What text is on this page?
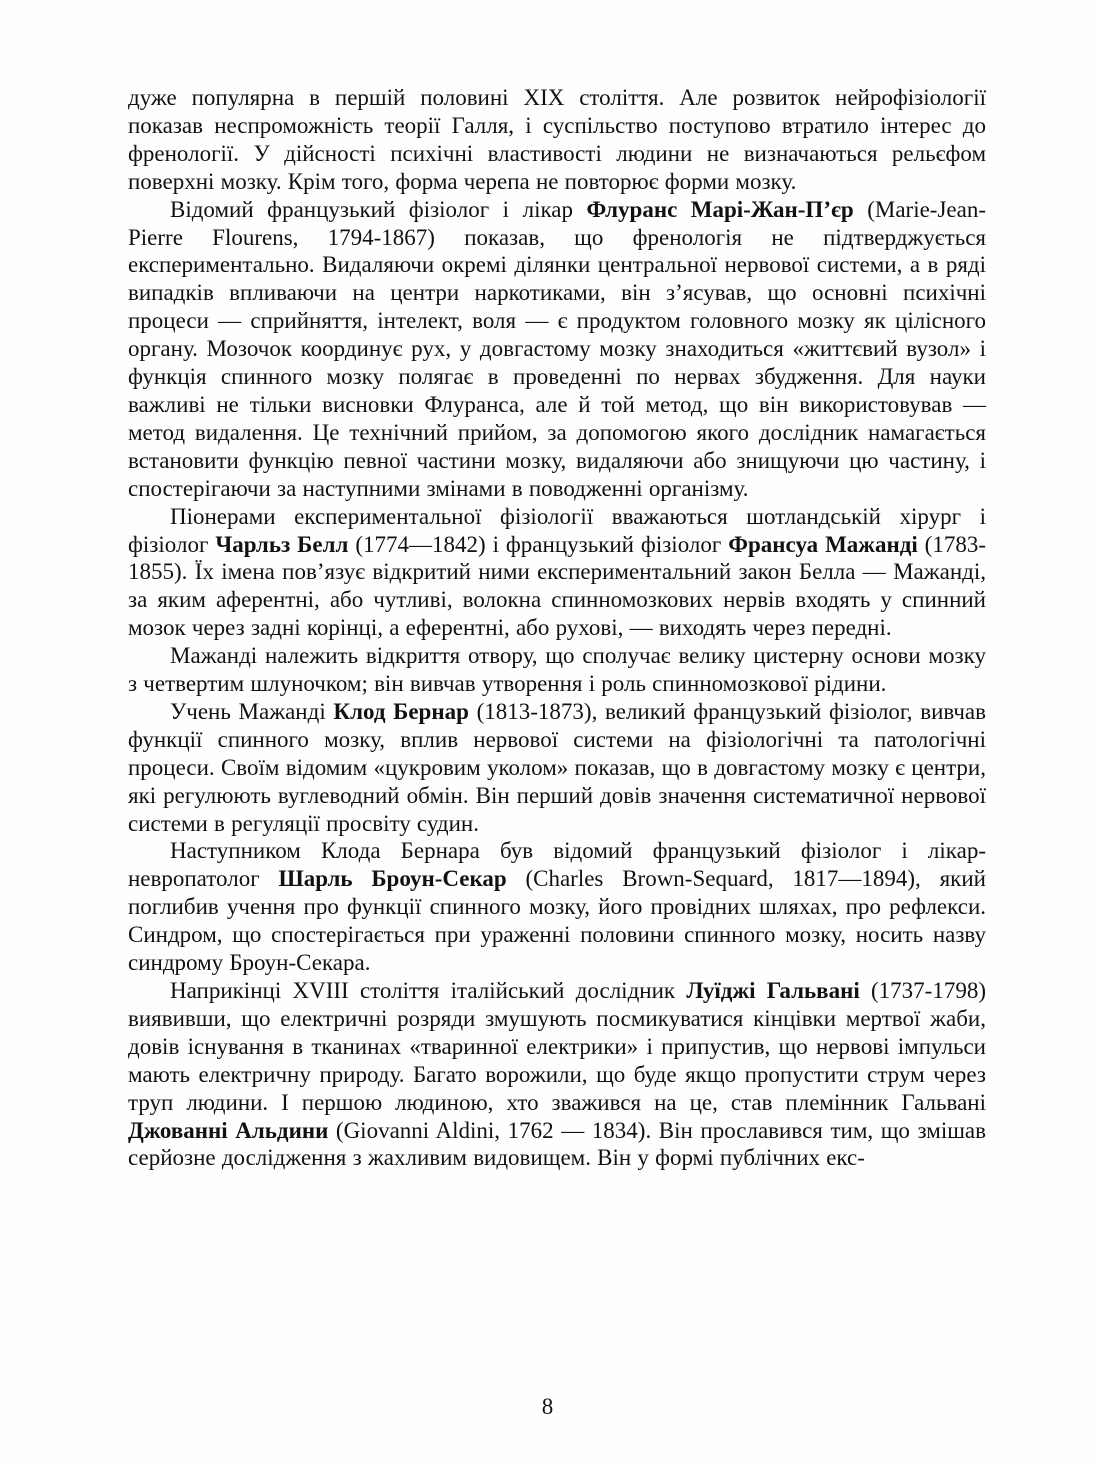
дуже популярна в першій половині XIX століття. Але розвиток нейрофізіології показав неспроможність теорії Галля, і суспільство поступово втратило інтерес до френології. У дійсності психічні властивості людини не визначаються рельєфом поверхні мозку. Крім того, форма черепа не повторює форми мозку.

Відомий французький фізіолог і лікар Флуранс Марі-Жан-П’єр (Marie-Jean-Pierre Flourens, 1794-1867) показав, що френологія не підтверджується експериментально. Видаляючи окремі ділянки центральної нервової системи, а в ряді випадків впливаючи на центри наркотиками, він з’ясував, що основні психічні процеси — сприйняття, інтелект, воля — є продуктом головного мозку як цілісного органу. Мозочок координує рух, у довгастому мозку знаходиться «життєвий вузол» і функція спинного мозку полягає в проведенні по нервах збудження. Для науки важливі не тільки висновки Флуранса, але й той метод, що він використовував — метод видалення. Це технічний прийом, за допомогою якого дослідник намагається встановити функцію певної частини мозку, видаляючи або знищуючи цю частину, і спостерігаючи за наступними змінами в поводженні організму.

Піонерами експериментальної фізіології вважаються шотландській хірург і фізіолог Чарльз Белл (1774—1842) і французький фізіолог Франсуа Мажанді (1783-1855). Їх імена пов’язує відкритий ними експериментальний закон Белла — Мажанді, за яким аферентні, або чутливі, волокна спинномозкових нервів входять у спинний мозок через задні корінці, а еферентні, або рухові, — виходять через передні.

Мажанді належить відкриття отвору, що сполучає велику цистерну основи мозку з четвертим шлуночком; він вивчав утворення і роль спинномозкової рідини.

Учень Мажанді Клод Бернар (1813-1873), великий французький фізіолог, вивчав функції спинного мозку, вплив нервової системи на фізіологічні та патологічні процеси. Своїм відомим «цукровим уколом» показав, що в довгастому мозку є центри, які регулюють вуглеводний обмін. Він перший довів значення систематичної нервової системи в регуляції просвіту судин.

Наступником Клода Бернара був відомий французький фізіолог і лікар-невропатолог Шарль Броун-Секар (Charles Brown-Sequard, 1817—1894), який поглибив учення про функції спинного мозку, його провідних шляхах, про рефлекси. Синдром, що спостерігається при ураженні половини спинного мозку, носить назву синдрому Броун-Секара.

Наприкінці XVIII століття італійський дослідник Луїджі Гальвані (1737-1798) виявивши, що електричні розряди змушують посмикуватися кінцівки мертвої жаби, довів існування в тканинах «тваринної електрики» і припустив, що нервові імпульси мають електричну природу. Багато ворожили, що буде якщо пропустити струм через труп людини. І першою людиною, хто зважився на це, став племінник Гальвані Джованні Альдини (Giovanni Aldini, 1762 — 1834). Він прославився тим, що змішав серйозне дослідження з жахливим видовищем. Він у формі публічних екс-

8
